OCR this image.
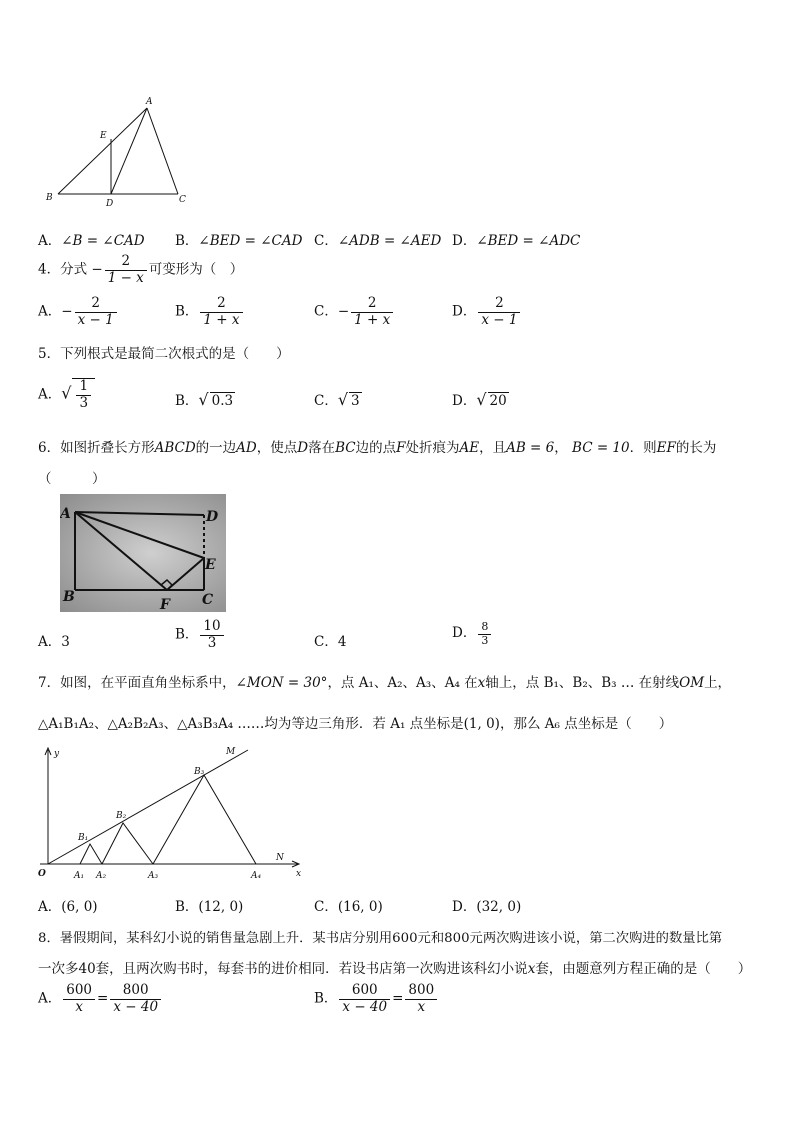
A
E
B
D	C
A．∠B = ∠CAD B．∠BED = ∠CAD C．∠ADB = ∠AED D．∠BED = ∠ADC
4．分式 − $\frac{2}{1 - x}$ 可变形为（　）
A．− $\frac{2}{x - 1}$	B． $\frac{2}{1 + x}$	C．− $\frac{2}{1 + x}$	D． $\frac{2}{x - 1}$
5．下列根式是最简二次根式的是（　　）
A．√ $\frac{1}{3}$	B．√ 0.3	C．√ 3	D．√ 20
6．如图折叠长方形ABCD的一边AD，使点D落在BC边的点F处折痕为AE，且AB = 6， BC = 10．则EF的长为
（　　　）
A	D
E
B	F C
A．3	B． $\frac{10}{3}$	C．4
D． $\frac{8}{3}$
7．如图，在平面直角坐标系中，∠MON = 30°，点 A₁、A₂、A₃、A₄ 在x轴上，点 B₁、B₂、B₃ … 在射线OM上，
△A₁B₁A₂、△A₂B₂A₃、△A₃B₃A₄ ……均为等边三角形．若 A₁ 点坐标是(1, 0)，那么 A₆ 点坐标是（　　）
y	M
N
x
O
B₁
B₂
B₃
A₁ A₂	A₃	A₄
A．(6, 0)	B．(12, 0)	C．(16, 0)	D．(32, 0)
8．暑假期间，某科幻小说的销售量急剧上升．某书店分别用600元和800元两次购进该小说，第二次购进的数量比第
一次多40套，且两次购书时，每套书的进价相同．若设书店第一次购进该科幻小说x套，由题意列方程正确的是（　　）
A． $\frac{600}{x} = \frac{800}{x - 40}$	B． $\frac{600}{x - 40} = \frac{800}{x}$
